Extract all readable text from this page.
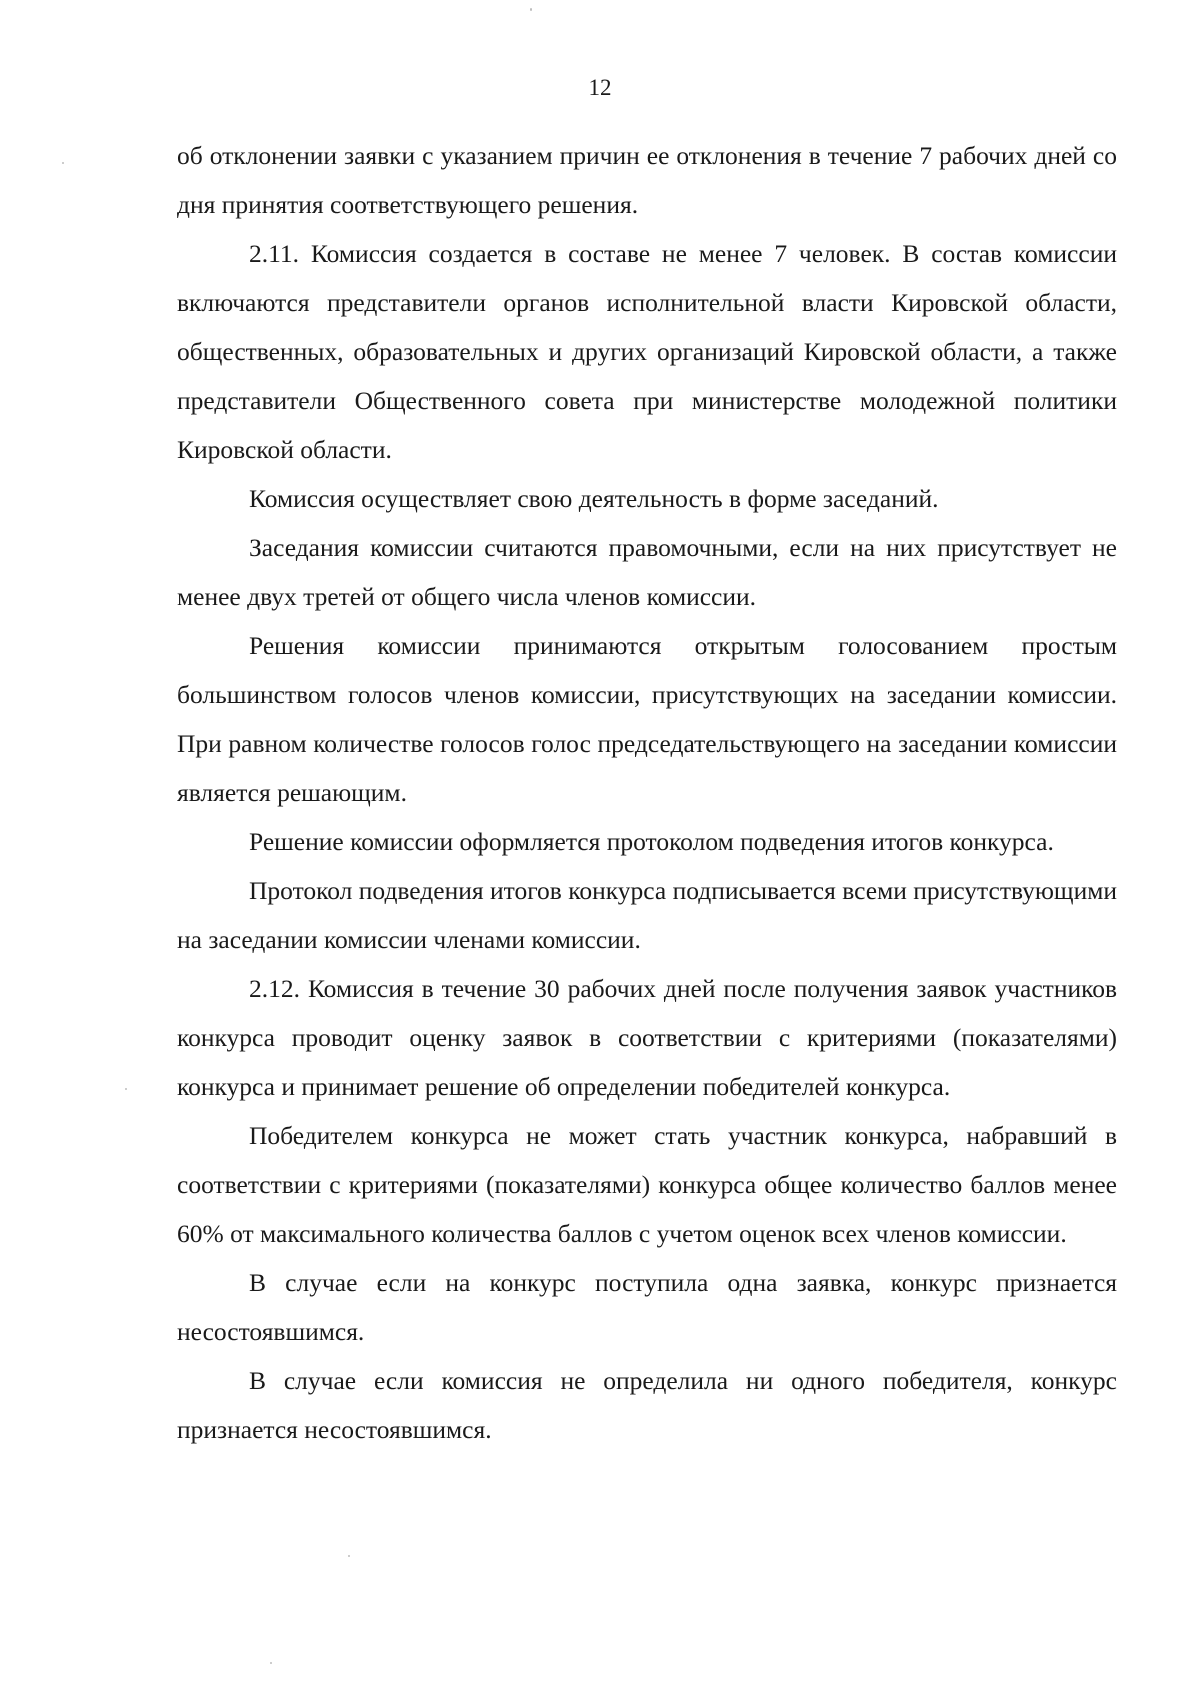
12

об отклонении заявки с указанием причин ее отклонения в течение 7 рабочих дней со дня принятия соответствующего решения.

2.11. Комиссия создается в составе не менее 7 человек. В состав комиссии включаются представители органов исполнительной власти Кировской области, общественных, образовательных и других организаций Кировской области, а также представители Общественного совета при министерстве молодежной политики Кировской области.

Комиссия осуществляет свою деятельность в форме заседаний.

Заседания комиссии считаются правомочными, если на них присутствует не менее двух третей от общего числа членов комиссии.

Решения комиссии принимаются открытым голосованием простым большинством голосов членов комиссии, присутствующих на заседании комиссии. При равном количестве голосов голос председательствующего на заседании комиссии является решающим.

Решение комиссии оформляется протоколом подведения итогов конкурса.

Протокол подведения итогов конкурса подписывается всеми присутствующими на заседании комиссии членами комиссии.

2.12. Комиссия в течение 30 рабочих дней после получения заявок участников конкурса проводит оценку заявок в соответствии с критериями (показателями) конкурса и принимает решение об определении победителей конкурса.

Победителем конкурса не может стать участник конкурса, набравший в соответствии с критериями (показателями) конкурса общее количество баллов менее 60% от максимального количества баллов с учетом оценок всех членов комиссии.

В случае если на конкурс поступила одна заявка, конкурс признается несостоявшимся.

В случае если комиссия не определила ни одного победителя, конкурс признается несостоявшимся.
